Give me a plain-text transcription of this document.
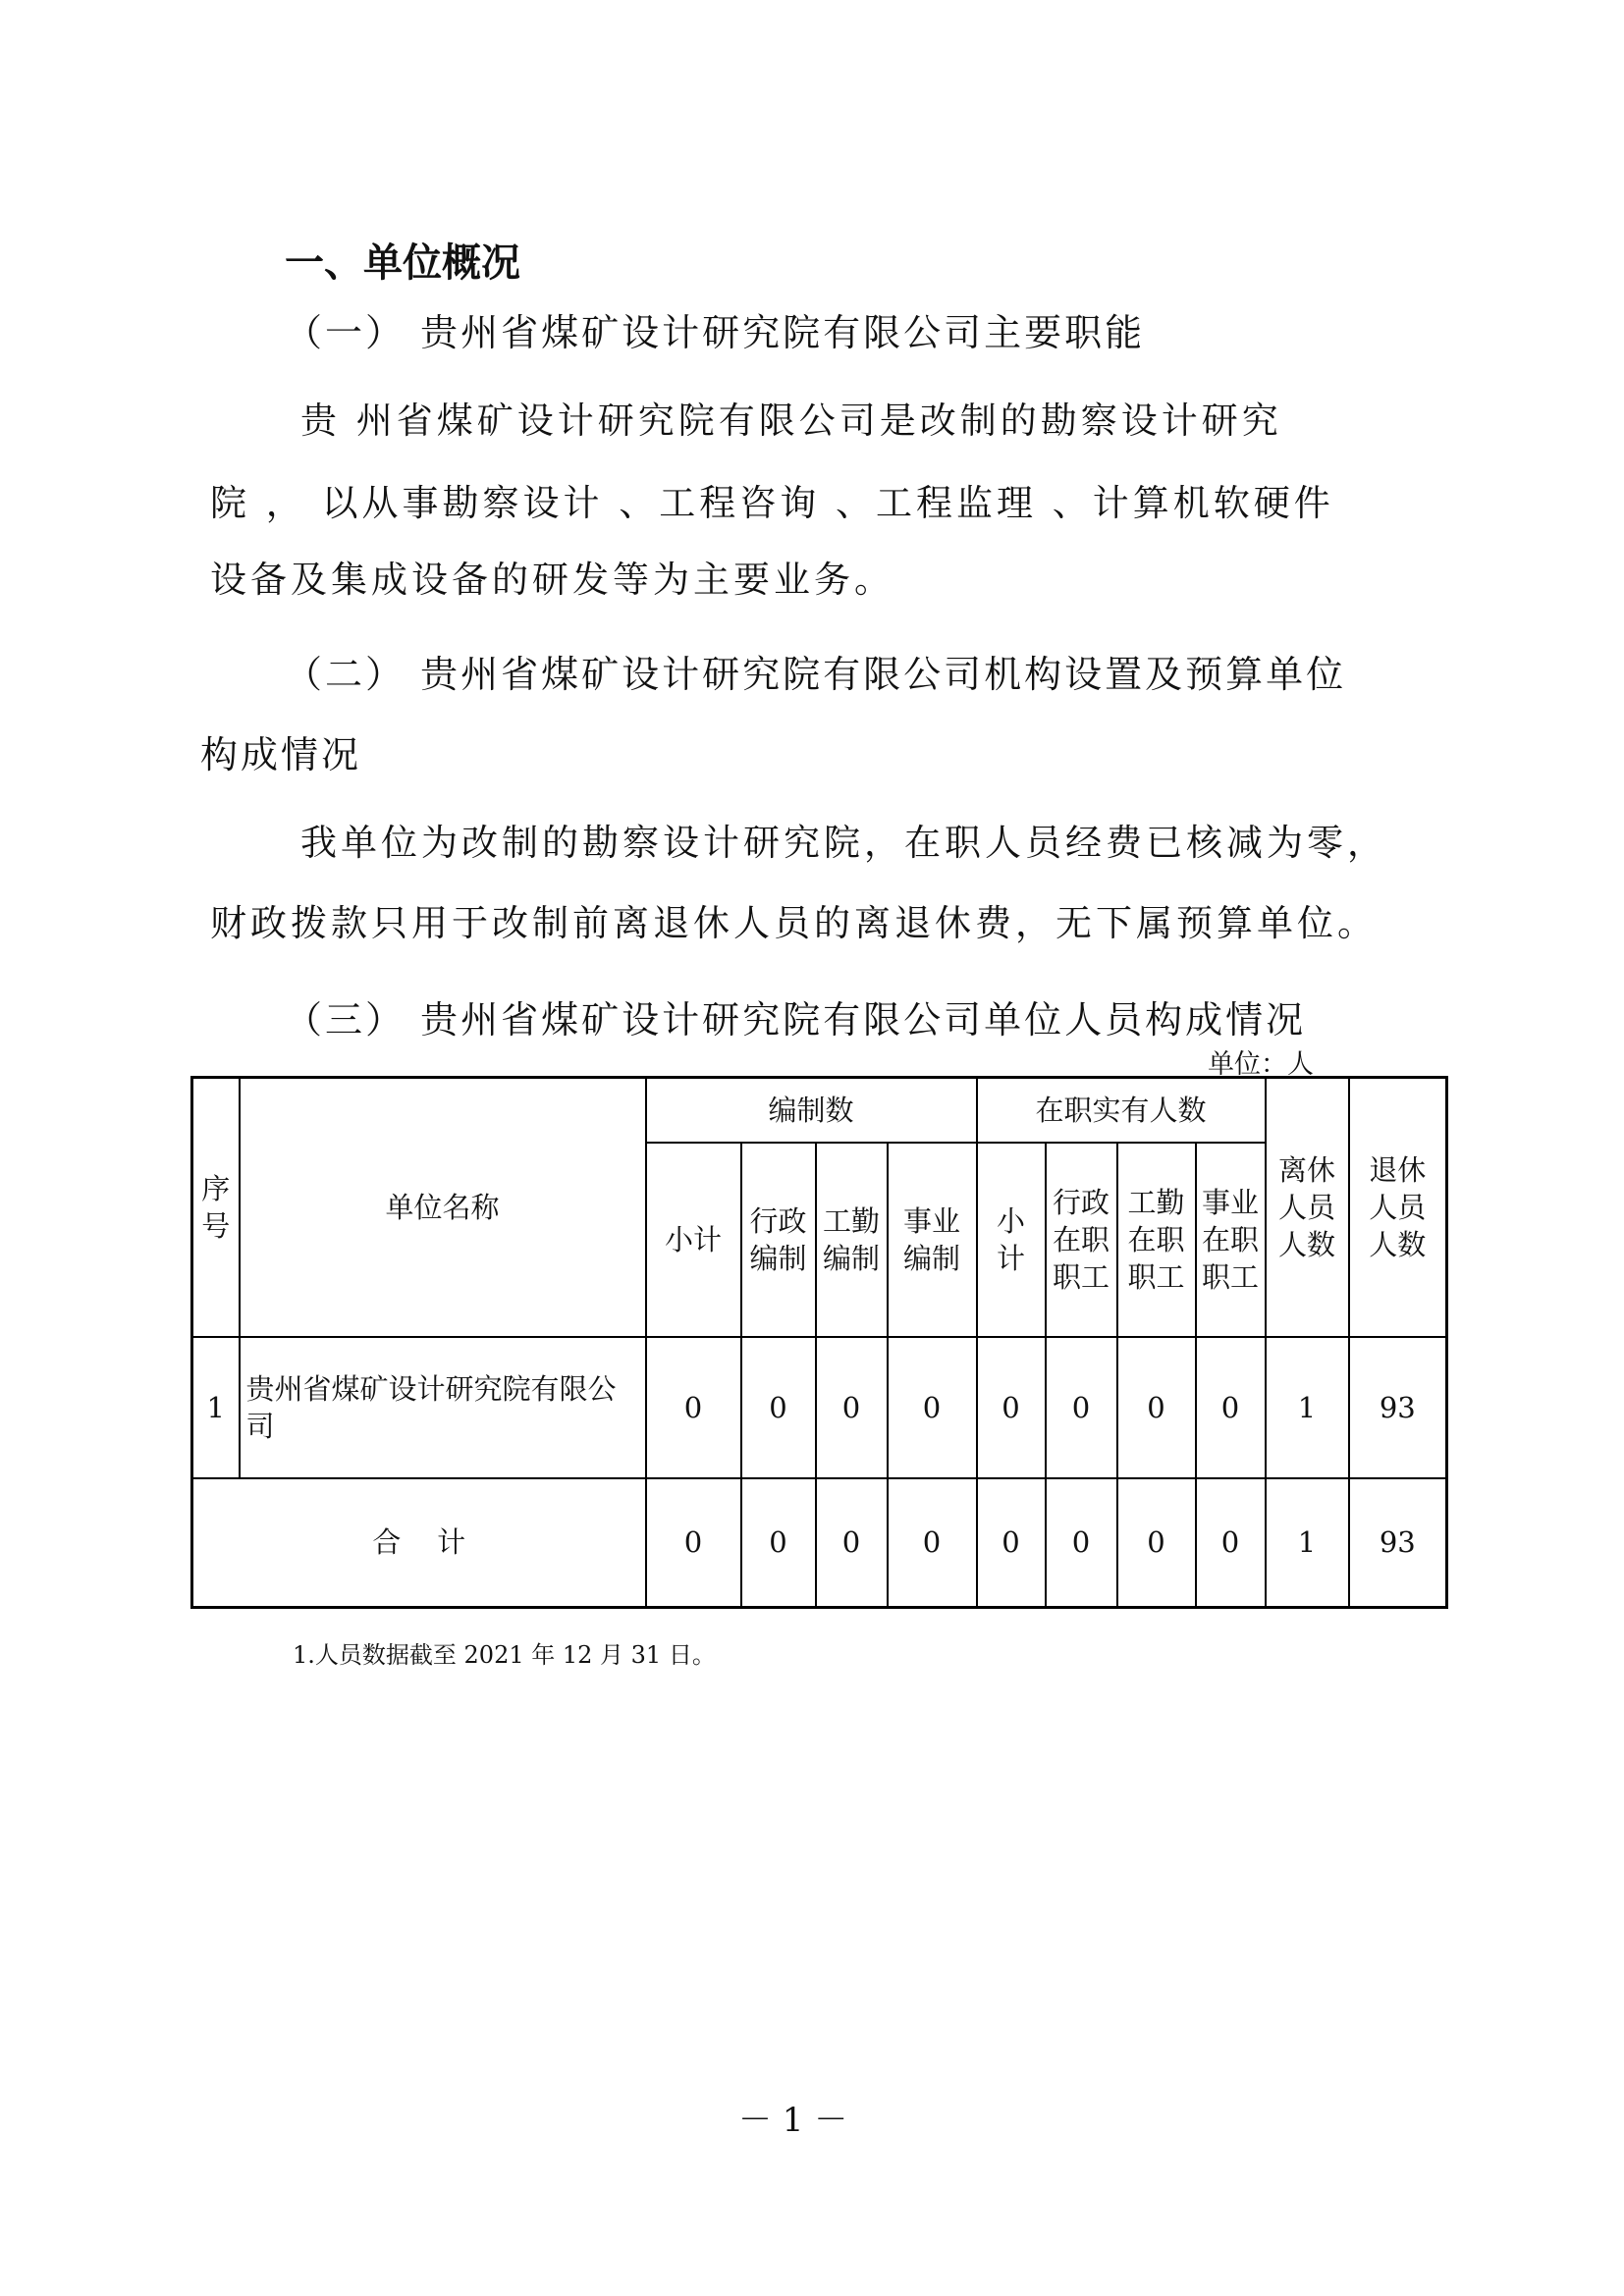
一、单位概况
（一） 贵州省煤矿设计研究院有限公司主要职能
贵 州省煤矿设计研究院有限公司是改制的勘察设计研究
院 ， 以从事勘察设计 、工程咨询 、工程监理 、计算机软硬件
设备及集成设备的研发等为主要业务。
（二） 贵州省煤矿设计研究院有限公司机构设置及预算单位
构成情况
我单位为改制的勘察设计研究院，在职人员经费已核减为零，
财政拨款只用于改制前离退休人员的离退休费，无下属预算单位。
（三） 贵州省煤矿设计研究院有限公司单位人员构成情况
单位：人
序
号	单位名称	编制数				在职实有人数				离休
人员
人数	退休
人员
人数

		小计	行政
编制	工勤
编制	事业
编制	小
计	行政
在职
职工	工勤
在职
职工	事业
在职
职工		

1	贵州省煤矿设计研究院有限公司	0	0	0	0	0	0	0	0	1	93
合    计		0	0	0	0	0	0	0	0	1	93
1.人员数据截至 2021 年 12 月 31 日。
－ 1 －
